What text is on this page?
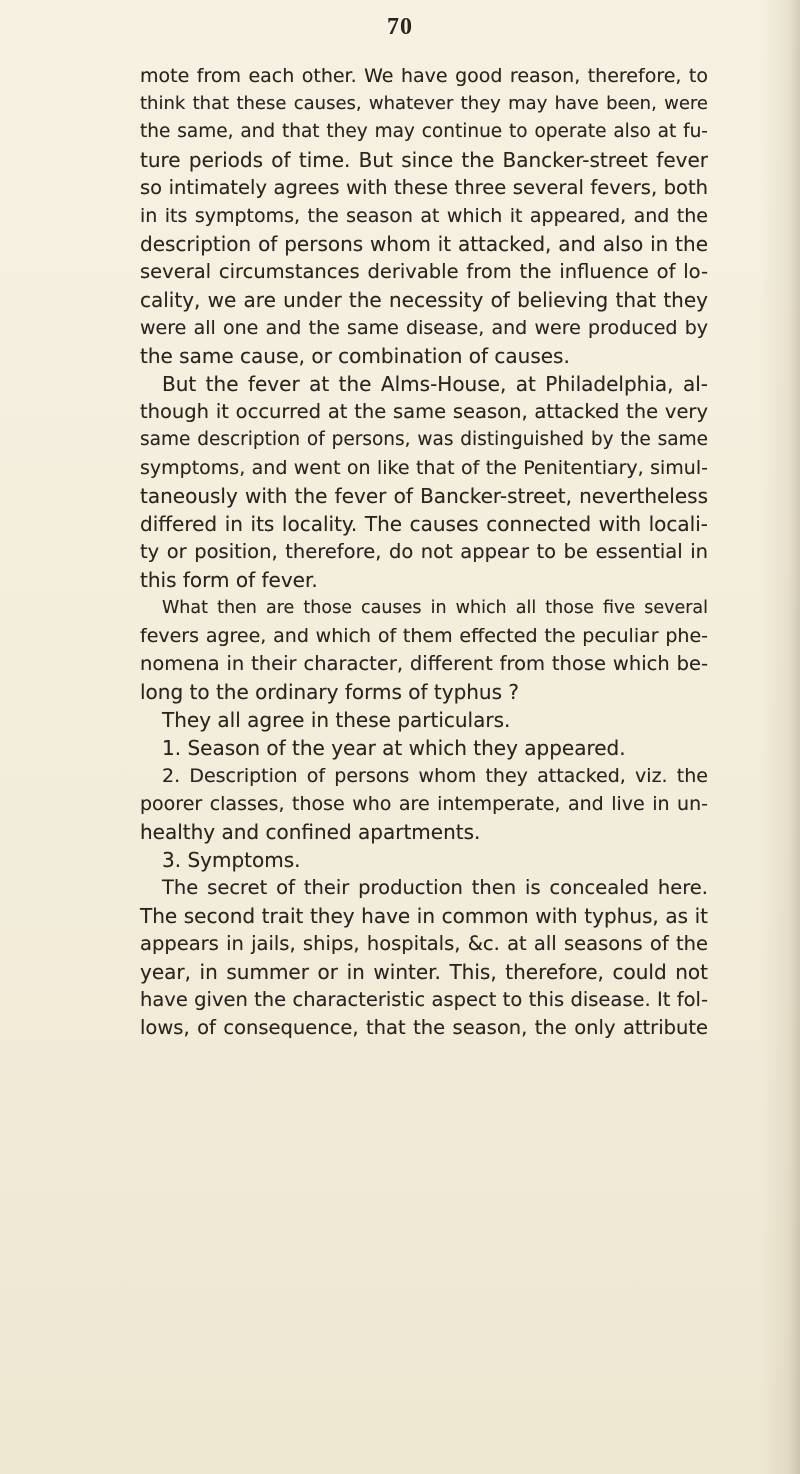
70
mote from each other. We have good reason, therefore, to
think that these causes, whatever they may have been, were
the same, and that they may continue to operate also at fu-
ture periods of time. But since the Bancker-street fever
so intimately agrees with these three several fevers, both
in its symptoms, the season at which it appeared, and the
description of persons whom it attacked, and also in the
several circumstances derivable from the influence of lo-
cality, we are under the necessity of believing that they
were all one and the same disease, and were produced by
the same cause, or combination of causes.
But the fever at the Alms-House, at Philadelphia, al-
though it occurred at the same season, attacked the very
same description of persons, was distinguished by the same
symptoms, and went on like that of the Penitentiary, simul-
taneously with the fever of Bancker-street, nevertheless
differed in its locality. The causes connected with locali-
ty or position, therefore, do not appear to be essential in
this form of fever.
What then are those causes in which all those five several
fevers agree, and which of them effected the peculiar phe-
nomena in their character, different from those which be-
long to the ordinary forms of typhus ?
They all agree in these particulars.
1. Season of the year at which they appeared.
2. Description of persons whom they attacked, viz. the
poorer classes, those who are intemperate, and live in un-
healthy and confined apartments.
3. Symptoms.
The secret of their production then is concealed here.
The second trait they have in common with typhus, as it
appears in jails, ships, hospitals, &c. at all seasons of the
year, in summer or in winter. This, therefore, could not
have given the characteristic aspect to this disease. It fol-
lows, of consequence, that the season, the only attribute
